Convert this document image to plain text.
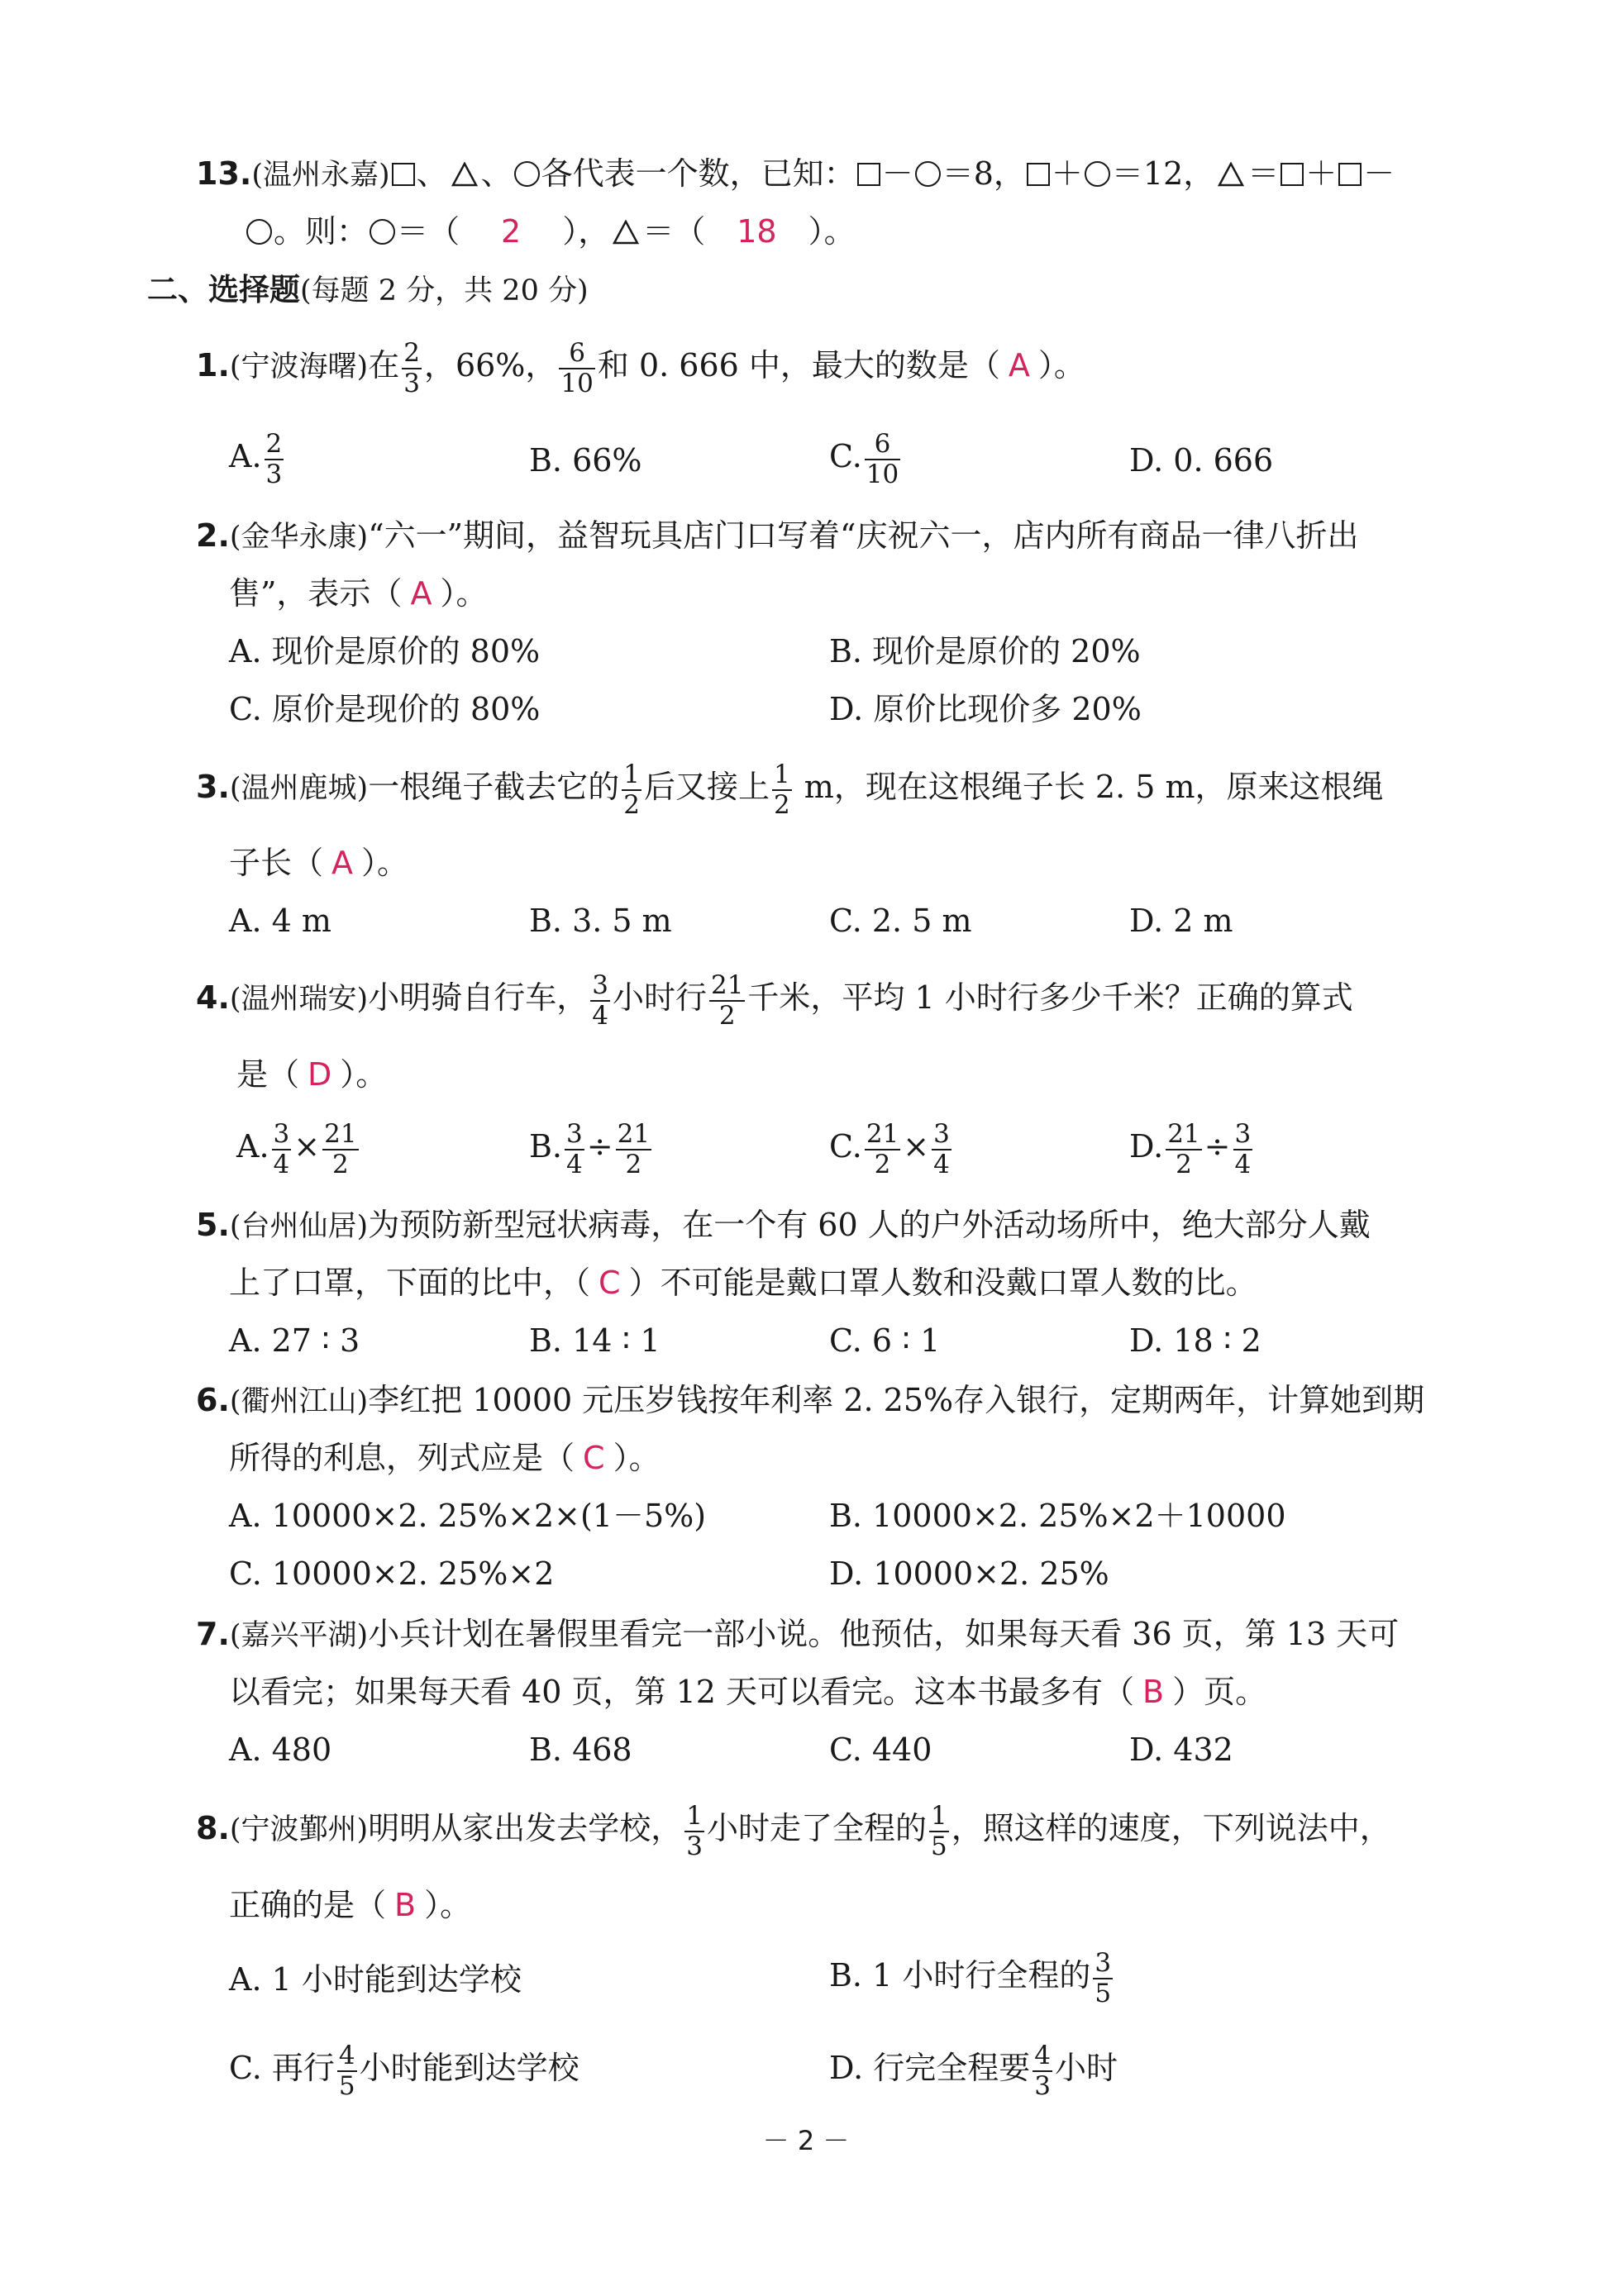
13.(温州永嘉) 、 、 各代表一个数，已知： － ＝8， ＋ ＝12， ＝ ＋ －
。则： ＝（ 2 ）， ＝（ 18 ）。
二、选择题(每题 2 分，共 20 分)
1.(宁波海曙)在 $\frac{2}{3}$ ，66%， $\frac{6}{10}$ 和 0. 666 中，最大的数是（ A ）。
A. $\frac{2}{3}$	B. 66%	C. $\frac{6}{10}$	D. 0. 666
2.(金华永康)“六一”期间，益智玩具店门口写着“庆祝六一，店内所有商品一律八折出
售”，表示（ A ）。
A. 现价是原价的 80%	B. 现价是原价的 20%
C. 原价是现价的 80%	D. 原价比现价多 20%
3.(温州鹿城)一根绳子截去它的 $\frac{1}{2}$ 后又接上 $\frac{1}{2}$ m，现在这根绳子长 2. 5 m，原来这根绳
子长（ A ）。
A. 4 m	B. 3. 5 m	C. 2. 5 m	D. 2 m
4.(温州瑞安)小明骑自行车， $\frac{3}{4}$ 小时行 $\frac{21}{2}$ 千米，平均 1 小时行多少千米？正确的算式
是（ D ）。
A. $\frac{3}{4} \times \frac{21}{2}$	B. $\frac{3}{4} \div \frac{21}{2}$	C. $\frac{21}{2} \times \frac{3}{4}$	D. $\frac{21}{2} \div \frac{3}{4}$
5.(台州仙居)为预防新型冠状病毒，在一个有 60 人的户外活动场所中，绝大部分人戴
上了口罩，下面的比中，（ C ）不可能是戴口罩人数和没戴口罩人数的比。
A. 27 ∶ 3	B. 14 ∶ 1	C. 6 ∶ 1	D. 18 ∶ 2
6.(衢州江山)李红把 10000 元压岁钱按年利率 2. 25%存入银行，定期两年，计算她到期
所得的利息，列式应是（ C ）。
A. 10000×2. 25%×2×(1－5%)	B. 10000×2. 25%×2＋10000
C. 10000×2. 25%×2	D. 10000×2. 25%
7.(嘉兴平湖)小兵计划在暑假里看完一部小说。他预估，如果每天看 36 页，第 13 天可
以看完；如果每天看 40 页，第 12 天可以看完。这本书最多有（ B ）页。
A. 480	B. 468	C. 440	D. 432
8.(宁波鄞州)明明从家出发去学校， $\frac{1}{3}$ 小时走了全程的 $\frac{1}{5}$ ，照这样的速度，下列说法中，
正确的是（ B ）。
A. 1 小时能到达学校	B. 1 小时行全程的 $\frac{3}{5}$
C. 再行 $\frac{4}{5}$ 小时能到达学校	D. 行完全程要 $\frac{4}{3}$ 小时
－ 2 －
